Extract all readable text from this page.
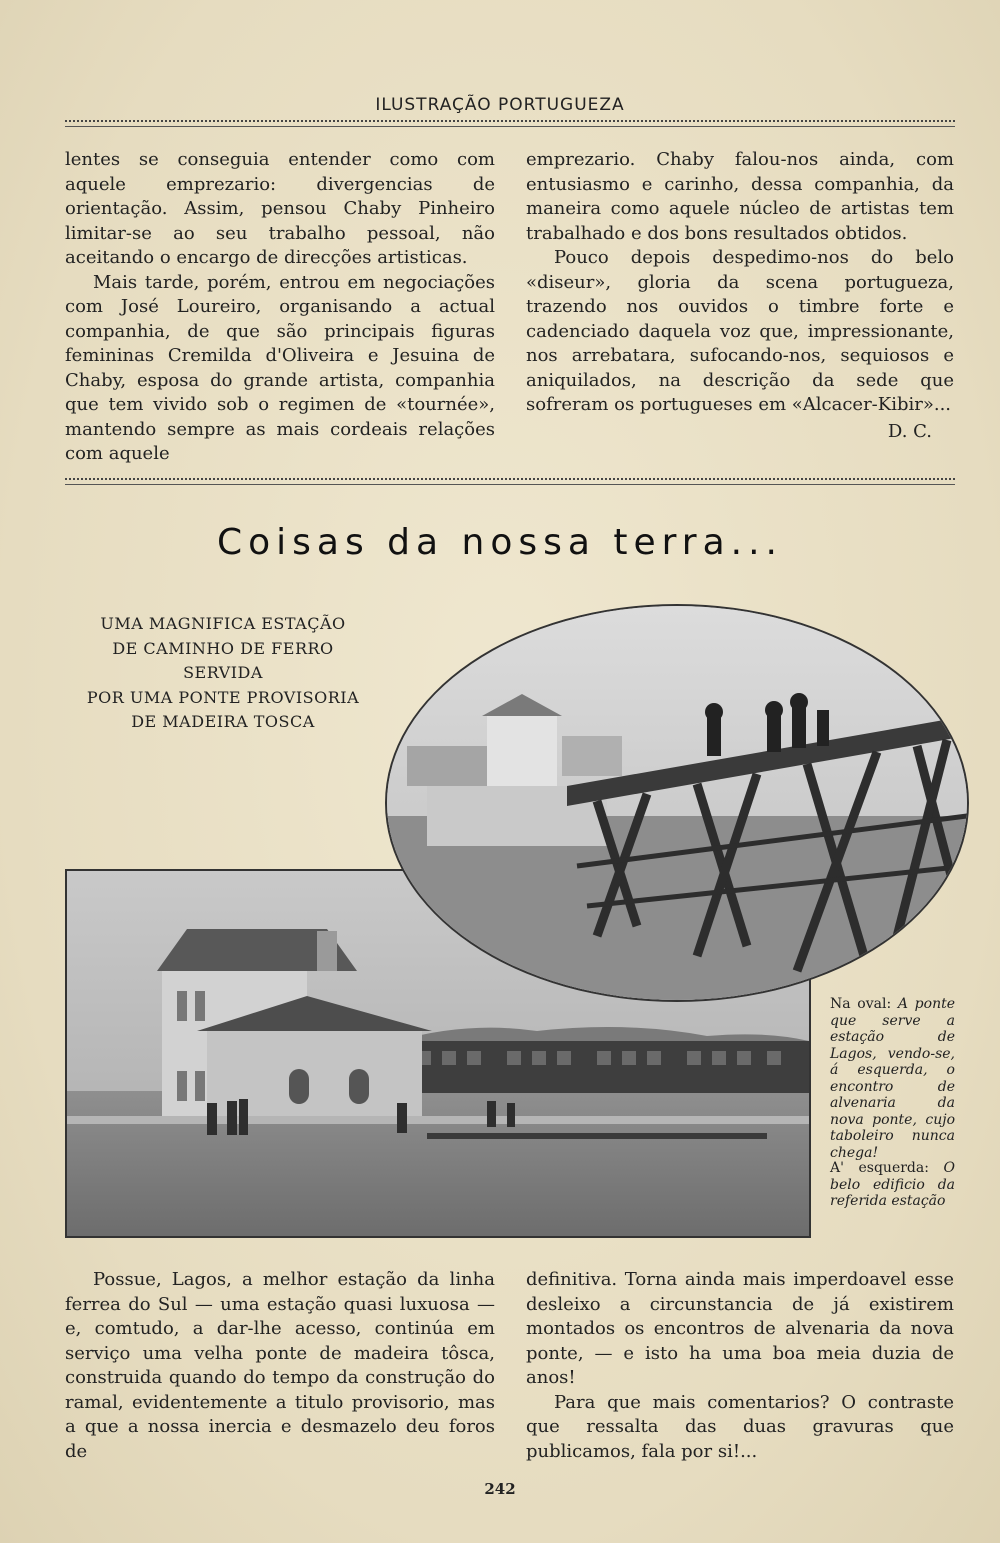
ILUSTRAÇÃO PORTUGUEZA

lentes se conseguia entender como com aquele emprezario: divergencias de orientação. Assim, pensou Chaby Pinheiro limitar-se ao seu trabalho pessoal, não aceitando o encargo de direcções artisticas.

Mais tarde, porém, entrou em negociações com José Loureiro, organisando a actual companhia, de que são principais figuras femininas Cremilda d'Oliveira e Jesuina de Chaby, esposa do grande artista, companhia que tem vivido sob o regimen de «tournée», mantendo sempre as mais cordeais relações com aquele

emprezario. Chaby falou-nos ainda, com entusiasmo e carinho, dessa companhia, da maneira como aquele núcleo de artistas tem trabalhado e dos bons resultados obtidos.

Pouco depois despedimo-nos do belo «diseur», gloria da scena portugueza, trazendo nos ouvidos o timbre forte e cadenciado daquela voz que, impressionante, nos arrebatara, sufocando-nos, sequiosos e aniquilados, na descrição da sede que sofreram os portugueses em «Alcacer-Kibir»...

D. C.
Coisas da nossa terra...
UMA MAGNIFICA ESTAÇÃO
DE CAMINHO DE FERRO
SERVIDA
POR UMA PONTE PROVISORIA
DE MADEIRA TOSCA
Na oval: A ponte que serve a estação de Lagos, vendo-se, á esquerda, o encontro de alvenaria da nova ponte, cujo taboleiro nunca chega!
A' esquerda: O belo edificio da referida estação

Possue, Lagos, a melhor estação da linha ferrea do Sul — uma estação quasi luxuosa — e, comtudo, a dar-lhe acesso, continúa em serviço uma velha ponte de madeira tôsca, construida quando do tempo da construção do ramal, evidentemente a titulo provisorio, mas a que a nossa inercia e desmazelo deu foros de

definitiva. Torna ainda mais imperdoavel esse desleixo a circunstancia de já existirem montados os encontros de alvenaria da nova ponte, — e isto ha uma boa meia duzia de anos!

Para que mais comentarios? O contraste que ressalta das duas gravuras que publicamos, fala por si!...

242
